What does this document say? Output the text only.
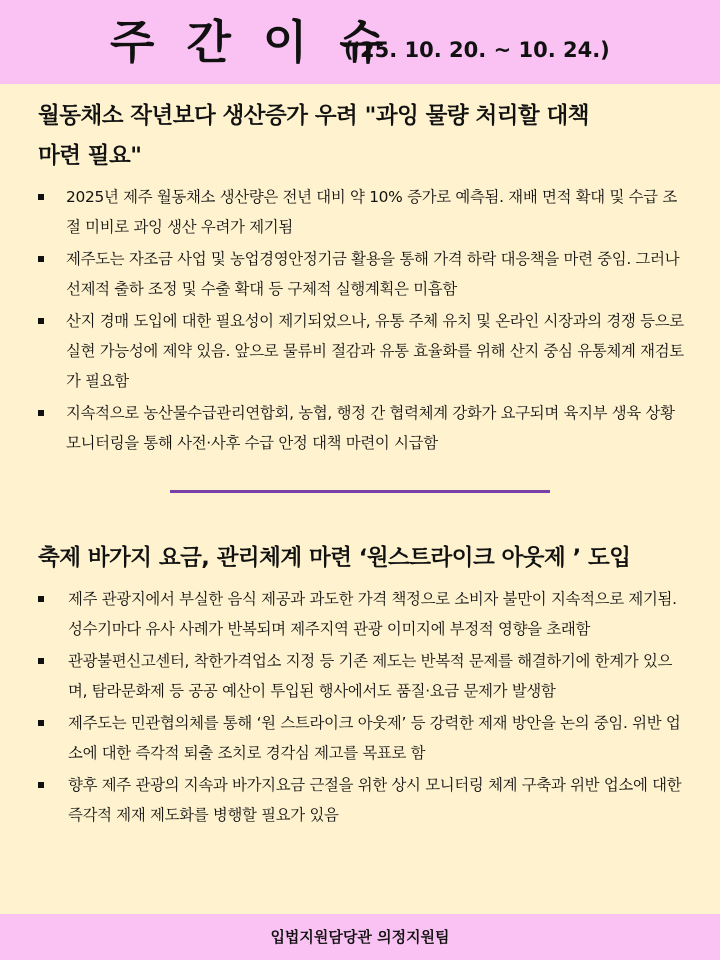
주 간 이 슈
('25. 10. 20. ~ 10. 24.)
월동채소 작년보다 생산증가 우려 "과잉 물량 처리할 대책
마련 필요"
2025년 제주 월동채소 생산량은 전년 대비 약 10% 증가로 예측됨. 재배 면적 확대 및 수급 조절 미비로 과잉 생산 우려가 제기됨
제주도는 자조금 사업 및 농업경영안정기금 활용을 통해 가격 하락 대응책을 마련 중임. 그러나 선제적 출하 조정 및 수출 확대 등 구체적 실행계획은 미흡함
산지 경매 도입에 대한 필요성이 제기되었으나, 유통 주체 유치 및 온라인 시장과의 경쟁 등으로 실현 가능성에 제약 있음. 앞으로 물류비 절감과 유통 효율화를 위해 산지 중심 유통체계 재검토가 필요함
지속적으로 농산물수급관리연합회, 농협, 행정 간 협력체계 강화가 요구되며 육지부 생육 상황 모니터링을 통해 사전·사후 수급 안정 대책 마련이 시급함
축제 바가지 요금, 관리체계 마련 ‘원스트라이크 아웃제 ’ 도입
제주 관광지에서 부실한 음식 제공과 과도한 가격 책정으로 소비자 불만이 지속적으로 제기됨. 성수기마다 유사 사례가 반복되며 제주지역 관광 이미지에 부정적 영향을 초래함
관광불편신고센터, 착한가격업소 지정 등 기존 제도는 반복적 문제를 해결하기에 한계가 있으며, 탐라문화제 등 공공 예산이 투입된 행사에서도 품질·요금 문제가 발생함
제주도는 민관협의체를 통해 ‘원 스트라이크 아웃제’ 등 강력한 제재 방안을 논의 중임. 위반 업소에 대한 즉각적 퇴출 조치로 경각심 제고를 목표로 함
향후 제주 관광의 지속과 바가지요금 근절을 위한 상시 모니터링 체계 구축과 위반 업소에 대한 즉각적 제재 제도화를 병행할 필요가 있음
입법지원담당관 의정지원팀
